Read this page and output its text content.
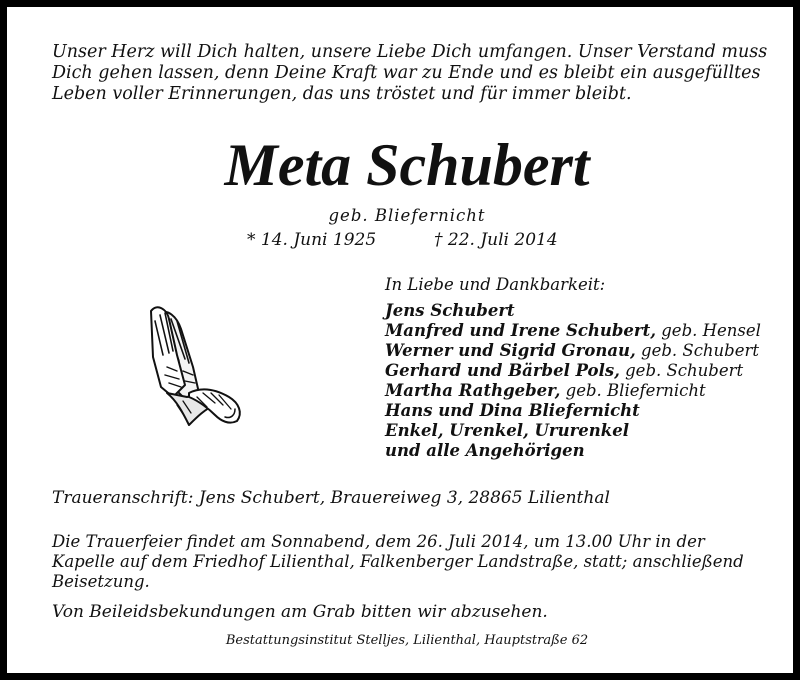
Unser Herz will Dich halten, unsere Liebe Dich umfangen. Unser Verstand muss
Dich gehen lassen, denn Deine Kraft war zu Ende und es bleibt ein ausgefülltes
Leben voller Erinnerungen, das uns tröstet und für immer bleibt.
Meta Schubert
geb. Bliefernicht
* 14. Juni 1925	† 22. Juli 2014
In Liebe und Dankbarkeit:
Jens Schubert
Manfred und Irene Schubert, geb. Hensel
Werner und Sigrid Gronau, geb. Schubert
Gerhard und Bärbel Pols, geb. Schubert
Martha Rathgeber, geb. Bliefernicht
Hans und Dina Bliefernicht
Enkel, Urenkel, Ururenkel
und alle Angehörigen
Traueranschrift: Jens Schubert, Brauereiweg 3, 28865 Lilienthal
Die Trauerfeier findet am Sonnabend, dem 26. Juli 2014, um 13.00 Uhr in der
Kapelle auf dem Friedhof Lilienthal, Falkenberger Landstraße, statt; anschließend
Beisetzung.
Von Beileidsbekundungen am Grab bitten wir abzusehen.
Bestattungsinstitut Stelljes, Lilienthal, Hauptstraße 62
